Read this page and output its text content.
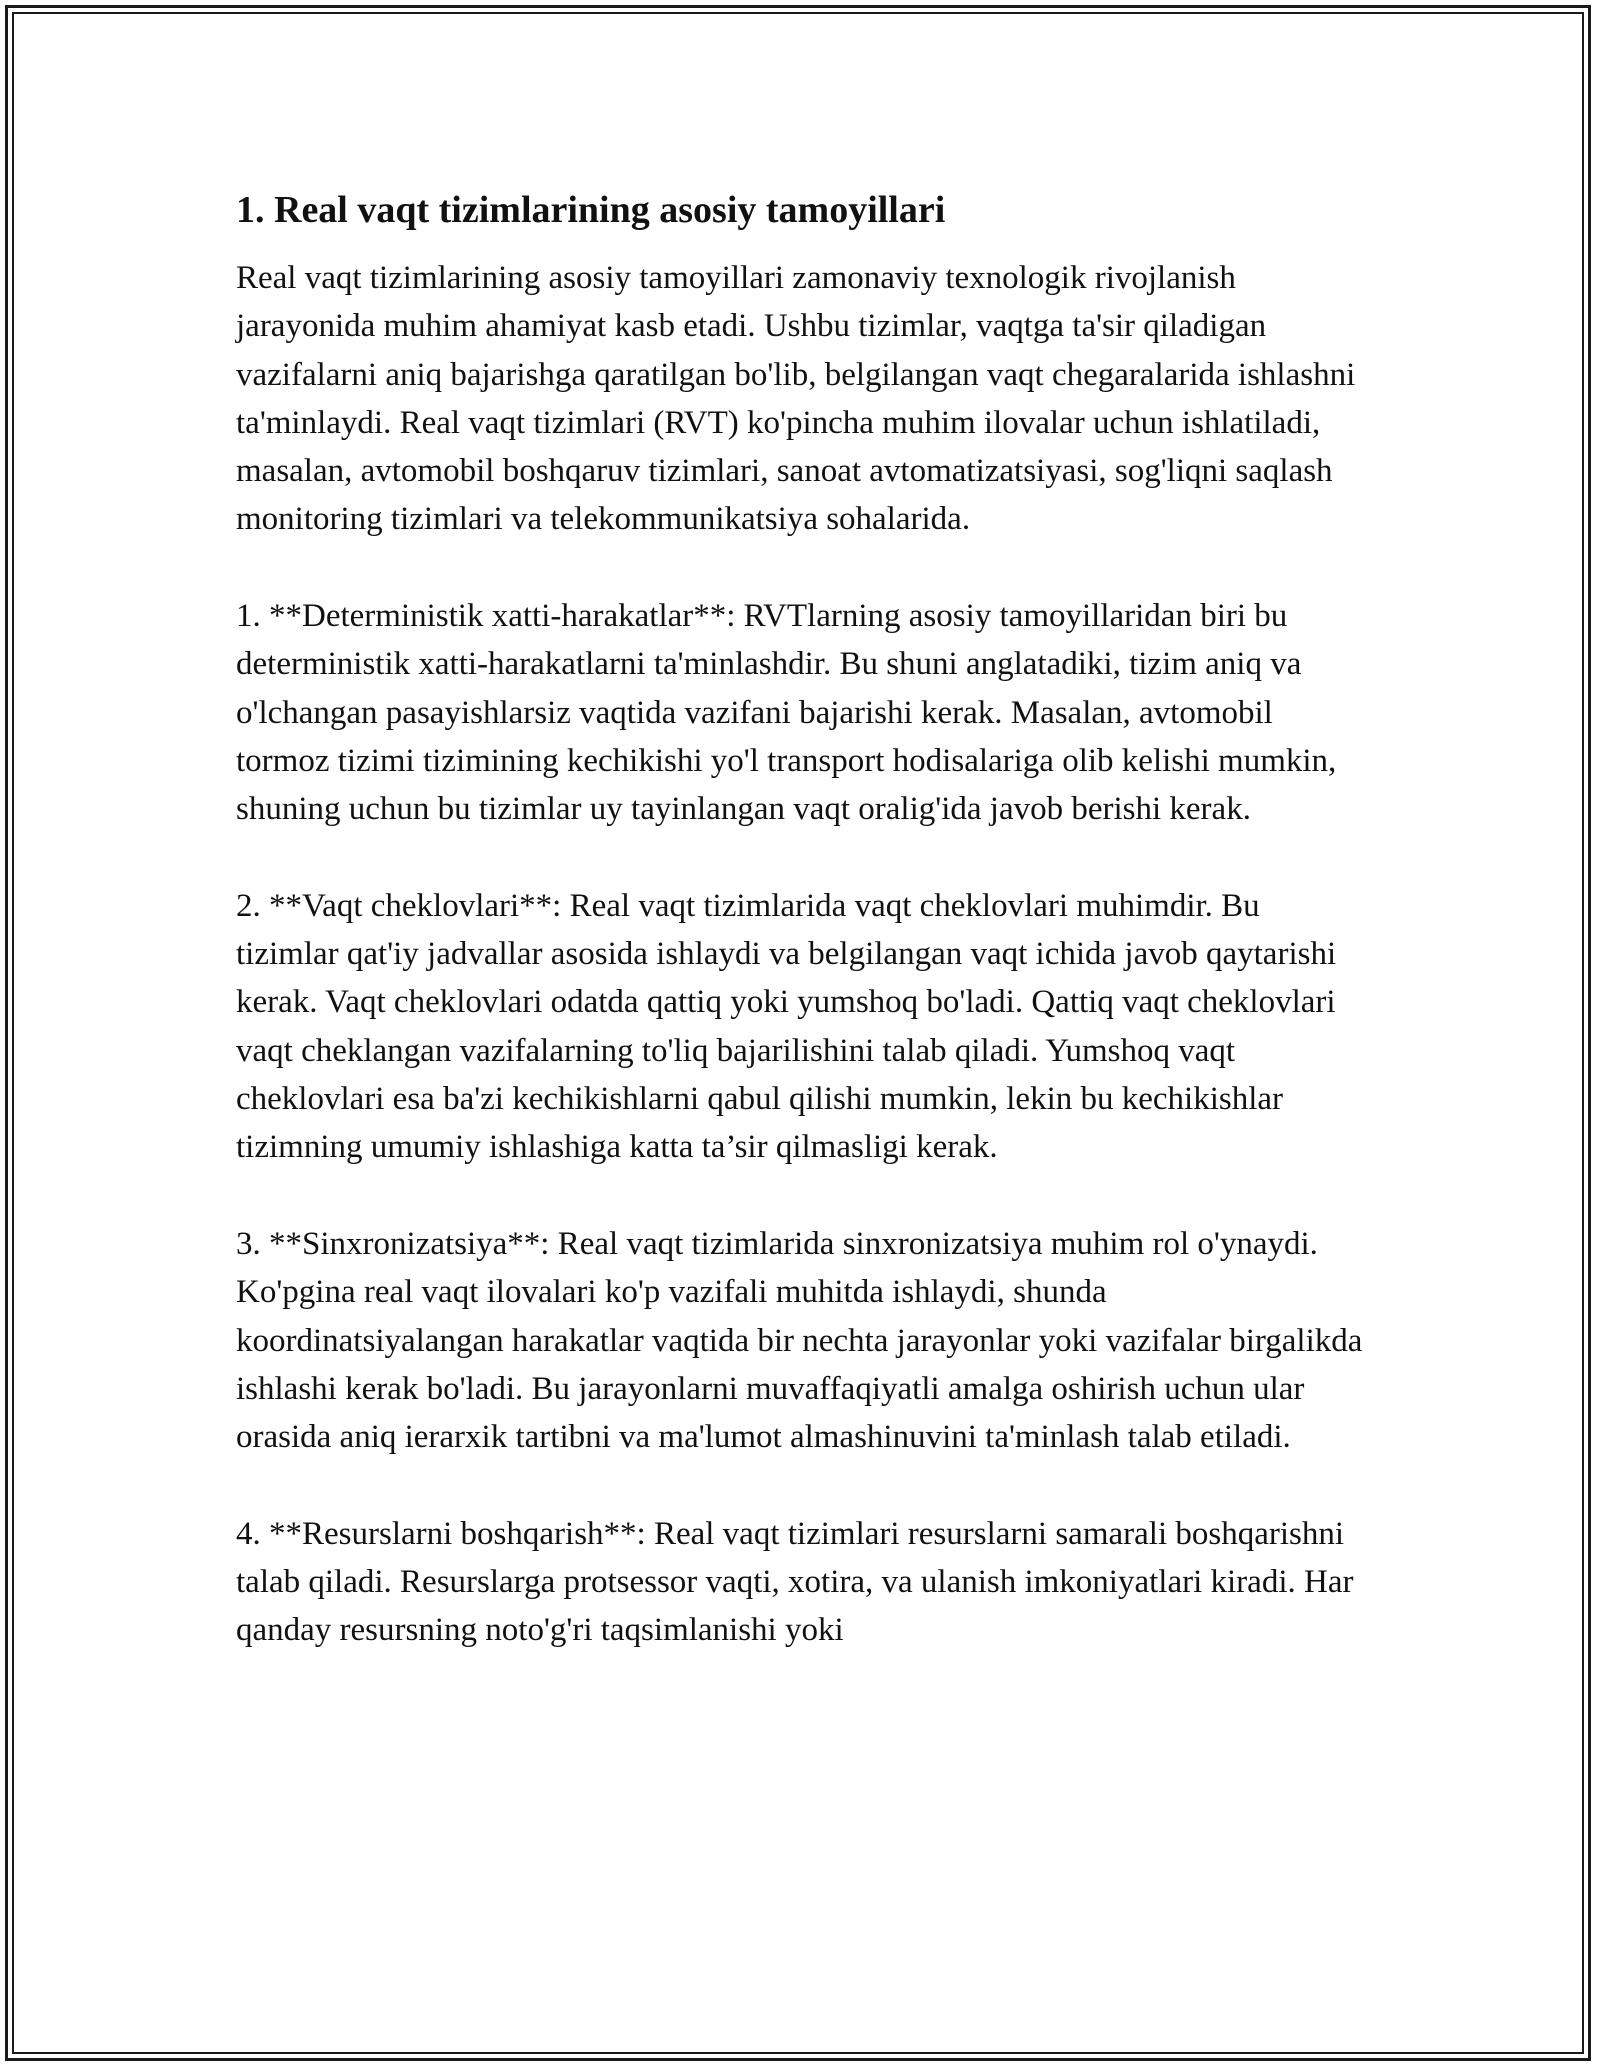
1. Real vaqt tizimlarining asosiy tamoyillari

Real vaqt tizimlarining asosiy tamoyillari zamonaviy texnologik rivojlanish jarayonida muhim ahamiyat kasb etadi. Ushbu tizimlar, vaqtga ta'sir qiladigan vazifalarni aniq bajarishga qaratilgan bo'lib, belgilangan vaqt chegaralarida ishlashni ta'minlaydi. Real vaqt tizimlari (RVT) ko'pincha muhim ilovalar uchun ishlatiladi, masalan, avtomobil boshqaruv tizimlari, sanoat avtomatizatsiyasi, sog'liqni saqlash monitoring tizimlari va telekommunikatsiya sohalarida.

1. **Deterministik xatti-harakatlar**: RVTlarning asosiy tamoyillaridan biri bu deterministik xatti-harakatlarni ta'minlashdir. Bu shuni anglatadiki, tizim aniq va o'lchangan pasayishlarsiz vaqtida vazifani bajarishi kerak. Masalan, avtomobil tormoz tizimi tizimining kechikishi yo'l transport hodisalariga olib kelishi mumkin, shuning uchun bu tizimlar uy tayinlangan vaqt oralig'ida javob berishi kerak.

2. **Vaqt cheklovlari**: Real vaqt tizimlarida vaqt cheklovlari muhimdir. Bu tizimlar qat'iy jadvallar asosida ishlaydi va belgilangan vaqt ichida javob qaytarishi kerak. Vaqt cheklovlari odatda qattiq yoki yumshoq bo'ladi. Qattiq vaqt cheklovlari vaqt cheklangan vazifalarning to'liq bajarilishini talab qiladi. Yumshoq vaqt cheklovlari esa ba'zi kechikishlarni qabul qilishi mumkin, lekin bu kechikishlar tizimning umumiy ishlashiga katta ta’sir qilmasligi kerak.

3. **Sinxronizatsiya**: Real vaqt tizimlarida sinxronizatsiya muhim rol o'ynaydi. Ko'pgina real vaqt ilovalari ko'p vazifali muhitda ishlaydi, shunda koordinatsiyalangan harakatlar vaqtida bir nechta jarayonlar yoki vazifalar birgalikda ishlashi kerak bo'ladi. Bu jarayonlarni muvaffaqiyatli amalga oshirish uchun ular orasida aniq ierarxik tartibni va ma'lumot almashinuvini ta'minlash talab etiladi.

4. **Resurslarni boshqarish**: Real vaqt tizimlari resurslarni samarali boshqarishni talab qiladi. Resurslarga protsessor vaqti, xotira, va ulanish imkoniyatlari kiradi. Har qanday resursning noto'g'ri taqsimlanishi yoki
